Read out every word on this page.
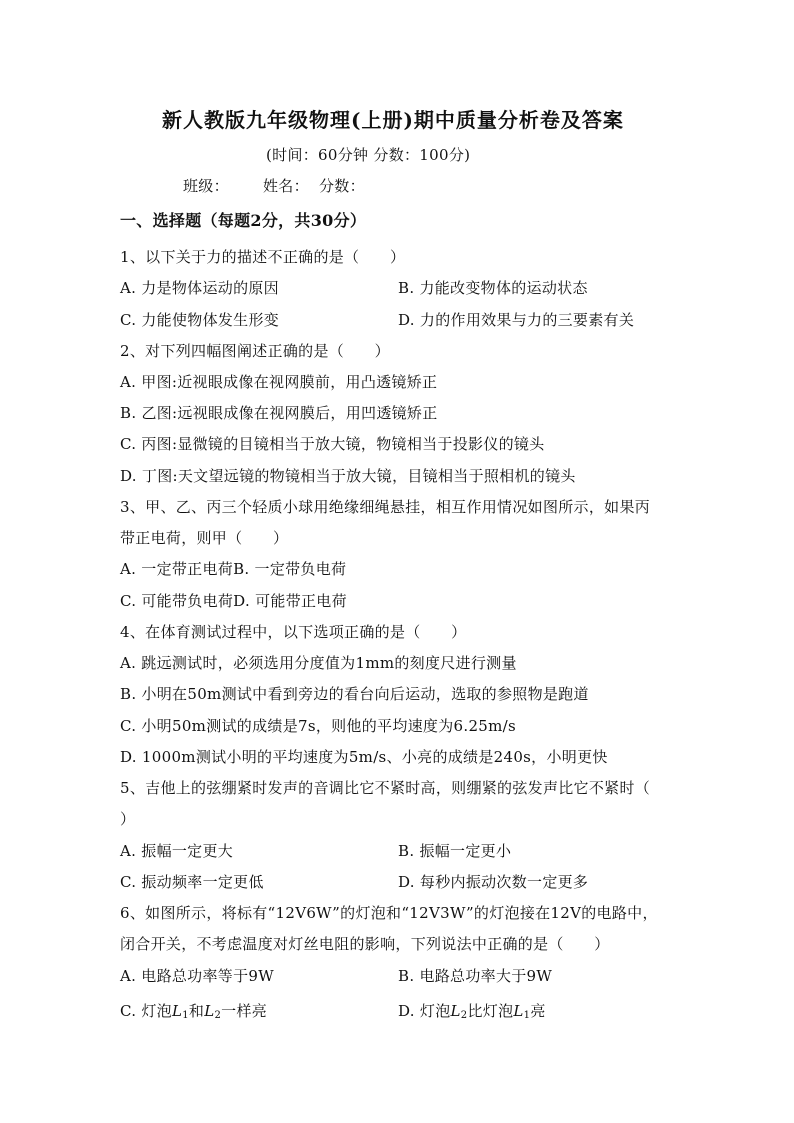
新人教版九年级物理(上册)期中质量分析卷及答案
(时间：60分钟 分数：100分)
班级： 姓名： 分数：
一、选择题（每题2分，共30分）
1、以下关于力的描述不正确的是（　　）
A. 力是物体运动的原因	B. 力能改变物体的运动状态
C. 力能使物体发生形变	D. 力的作用效果与力的三要素有关
2、对下列四幅图阐述正确的是（　　）
A. 甲图:近视眼成像在视网膜前，用凸透镜矫正
B. 乙图:远视眼成像在视网膜后，用凹透镜矫正
C. 丙图:显微镜的目镜相当于放大镜，物镜相当于投影仪的镜头
D. 丁图:天文望远镜的物镜相当于放大镜，目镜相当于照相机的镜头
3、甲、乙、丙三个轻质小球用绝缘细绳悬挂，相互作用情况如图所示，如果丙
带正电荷，则甲（　　）
A. 一定带正电荷B. 一定带负电荷
C. 可能带负电荷D. 可能带正电荷
4、在体育测试过程中，以下选项正确的是（　　）
A. 跳远测试时，必须选用分度值为1mm的刻度尺进行测量
B. 小明在50m测试中看到旁边的看台向后运动，选取的参照物是跑道
C. 小明50m测试的成绩是7s，则他的平均速度为6.25m/s
D. 1000m测试小明的平均速度为5m/s、小亮的成绩是240s，小明更快
5、吉他上的弦绷紧时发声的音调比它不紧时高，则绷紧的弦发声比它不紧时（
）
A. 振幅一定更大	B. 振幅一定更小
C. 振动频率一定更低	D. 每秒内振动次数一定更多
6、如图所示，将标有“12V6W”的灯泡和“12V3W”的灯泡接在12V的电路中，
闭合开关，不考虑温度对灯丝电阻的影响，下列说法中正确的是（　　）
A. 电路总功率等于9W	B. 电路总功率大于9W
C. 灯泡$L_1$和$L_2$一样亮	D. 灯泡$L_2$比灯泡$L_1$亮
